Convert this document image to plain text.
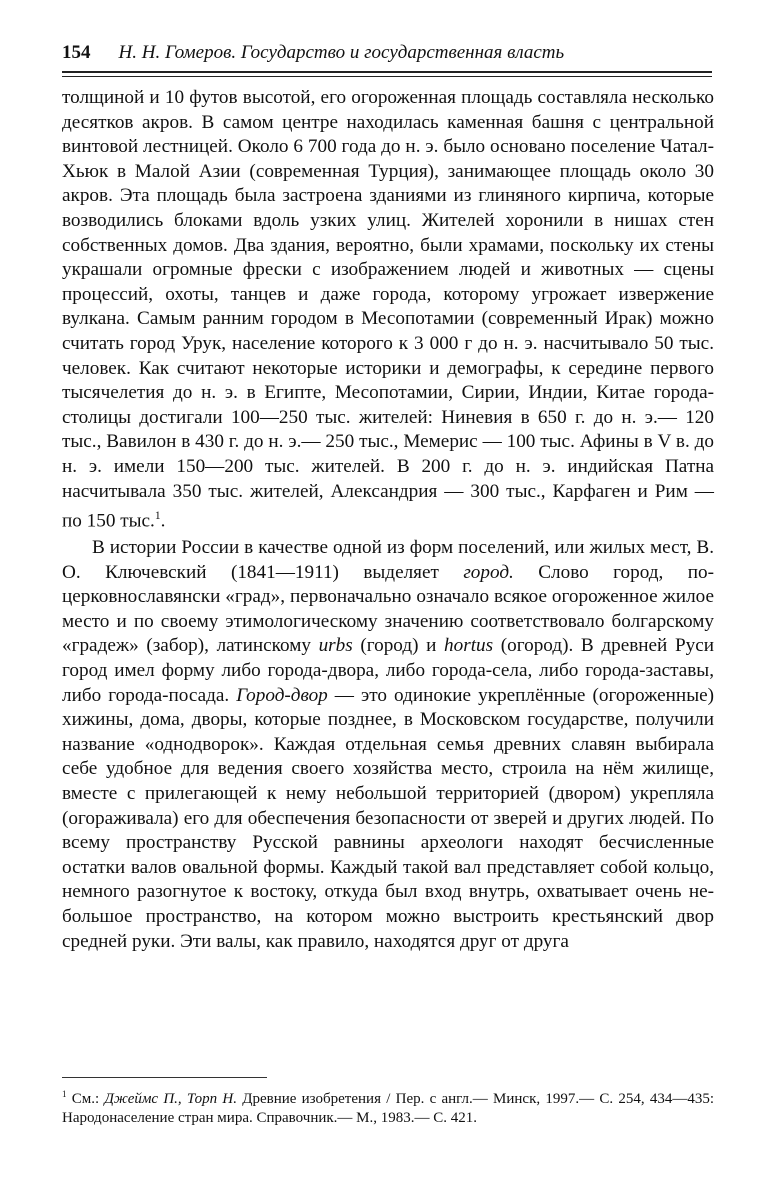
154 Н. Н. Гомеров. Государство и государственная власть

толщиной и 10 футов высотой, его огороженная площадь составляла несколько десятков акров. В самом центре находилась каменная башня с центральной винтовой лестницей. Около 6 700 года до н. э. было основано поселение Чатал-Хьюк в Малой Азии (современная Турция), занимающее площадь около 30 акров. Эта площадь была застроена зданиями из глиняного кирпича, которые возводились блоками вдоль узких улиц. Жителей хоронили в нишах стен собственных домов. Два здания, вероятно, были храмами, поскольку их стены украшали огромные фрески с изображением людей и животных — сцены процессий, охоты, танцев и даже города, которому угрожает извержение вулкана. Самым ранним городом в Месопотамии (современный Ирак) можно считать город Урук, население которого к 3 000 г до н. э. насчитывало 50 тыс. человек. Как считают некоторые историки и демографы, к середине первого тысячелетия до н. э. в Египте, Месопотамии, Сирии, Индии, Китае города-столицы достигали 100—250 тыс. жителей: Ниневия в 650 г. до н. э.— 120 тыс., Вавилон в 430 г. до н. э.— 250 тыс., Мемерис — 100 тыс. Афины в V в. до н. э. имели 150—200 тыс. жителей. В 200 г. до н. э. индийская Патна насчитывала 350 тыс. жителей, Александрия — 300 тыс., Карфаген и Рим — по 150 тыс.$^1$.

В истории России в качестве одной из форм поселений, или жилых мест, В. О. Ключевский (1841—1911) выделяет город. Слово город, по-церковнославянски «град», первоначально означало всякое огороженное жилое место и по своему этимологическому значению соответствовало болгарскому «градеж» (забор), латинскому urbs (город) и hortus (огород). В древней Руси город имел форму либо города-двора, либо города-села, либо города-заставы, либо города-посада. Город-двор — это одинокие укреплённые (огороженные) хижины, дома, дворы, которые позднее, в Московском государстве, получили название «однодворок». Каждая отдельная семья древних славян выбирала себе удобное для ведения своего хозяйства место, строила на нём жилище, вместе с прилегающей к нему небольшой территорией (двором) укрепляла (огораживала) его для обеспечения безопасности от зверей и других людей. По всему пространству Русской равнины археологи находят бесчисленные остатки валов овальной формы. Каждый такой вал представляет собой кольцо, немного разогнутое к востоку, откуда был вход внутрь, охватывает очень небольшое пространство, на котором можно выстроить крестьянский двор средней руки. Эти валы, как правило, находятся друг от друга

$^1$ См.: Джеймс П., Торп Н. Древние изобретения / Пер. с англ.— Минск, 1997.— С. 254, 434—435: Народонаселение стран мира. Справочник.— М., 1983.— С. 421.
